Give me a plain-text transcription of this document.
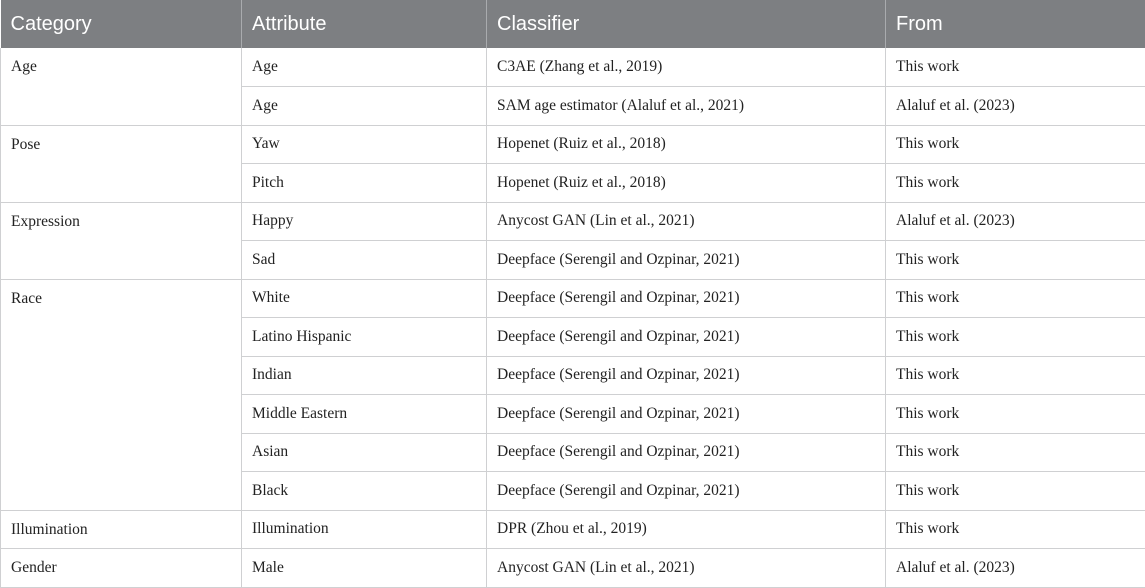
Category	Attribute	Classifier	From
Age	Age	C3AE (Zhang et al., 2019)	This work
	Age	SAM age estimator (Alaluf et al., 2021)	Alaluf et al. (2023)
Pose	Yaw	Hopenet (Ruiz et al., 2018)	This work
	Pitch	Hopenet (Ruiz et al., 2018)	This work
Expression	Happy	Anycost GAN (Lin et al., 2021)	Alaluf et al. (2023)
	Sad	Deepface (Serengil and Ozpinar, 2021)	This work
Race	White	Deepface (Serengil and Ozpinar, 2021)	This work
	Latino Hispanic	Deepface (Serengil and Ozpinar, 2021)	This work
	Indian	Deepface (Serengil and Ozpinar, 2021)	This work
	Middle Eastern	Deepface (Serengil and Ozpinar, 2021)	This work
	Asian	Deepface (Serengil and Ozpinar, 2021)	This work
	Black	Deepface (Serengil and Ozpinar, 2021)	This work
Illumination	Illumination	DPR (Zhou et al., 2019)	This work
Gender	Male	Anycost GAN (Lin et al., 2021)	Alaluf et al. (2023)
